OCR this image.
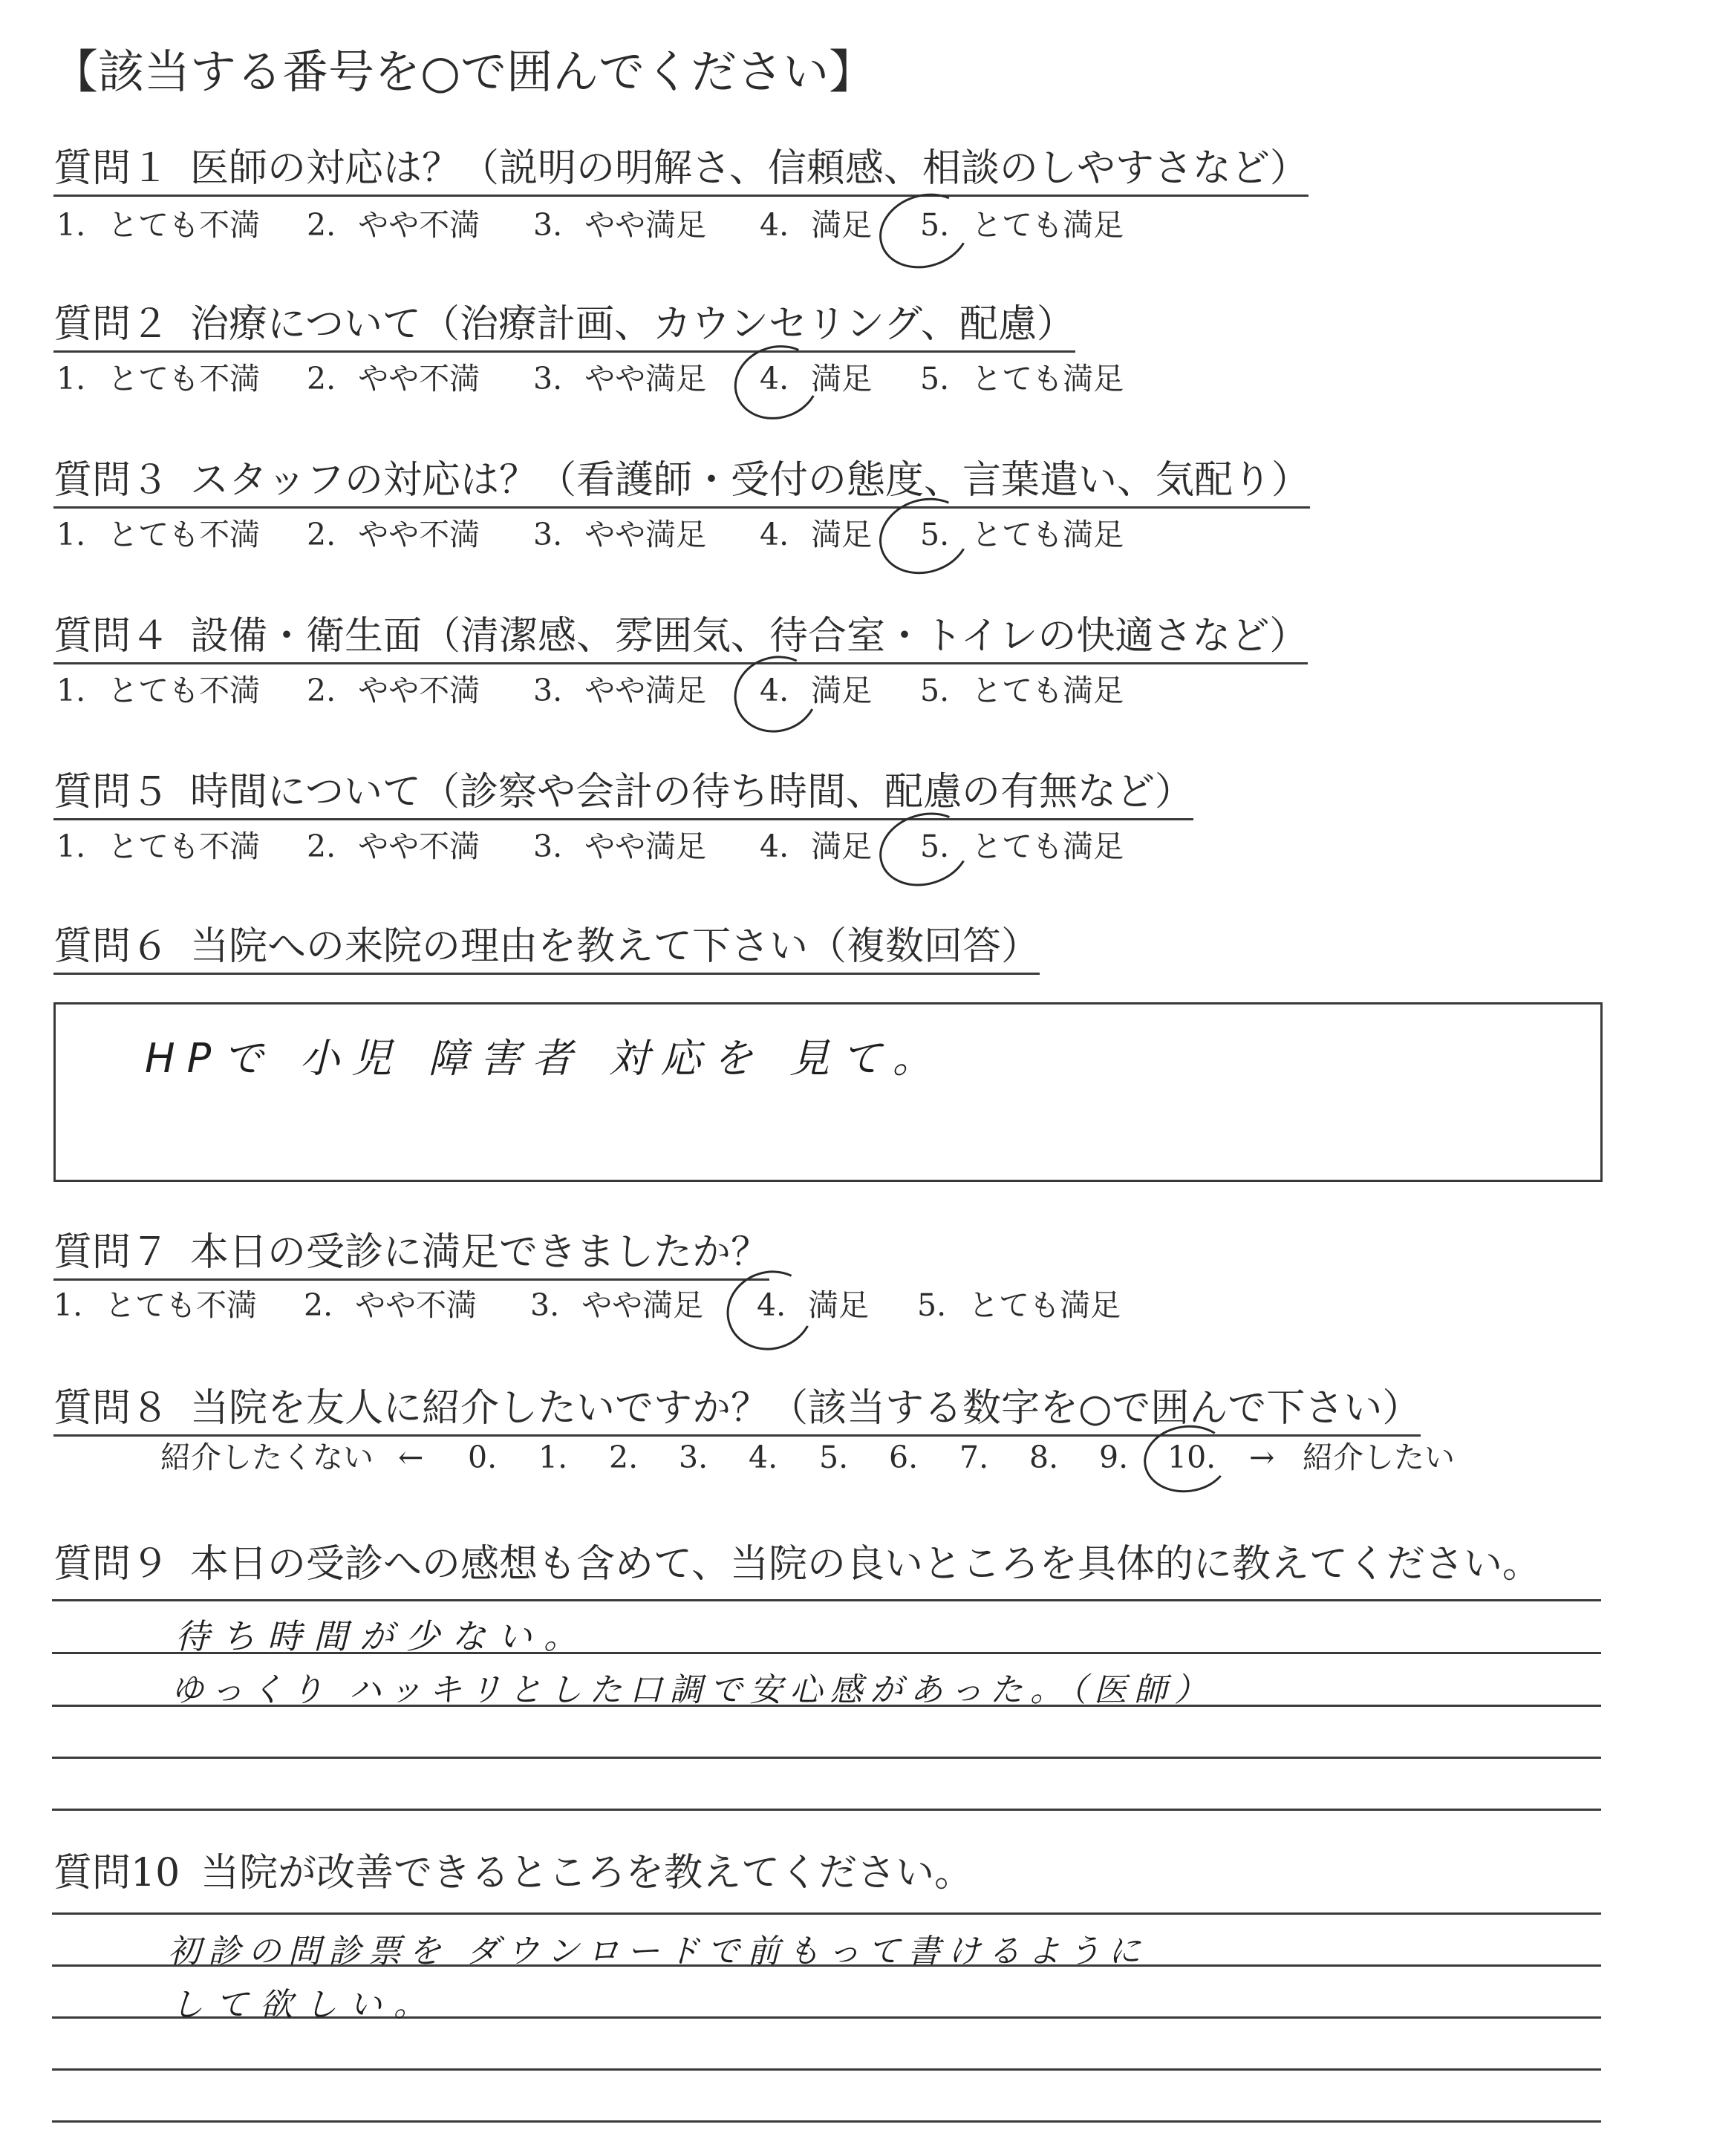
【該当する番号を○で囲んでください】
質問１ 医師の対応は？（説明の明解さ、信頼感、相談のしやすさなど）
1. とても不満 2. やや不満 3. やや満足 4. 満足 5. とても満足
質問２ 治療について（治療計画、カウンセリング、配慮）
1. とても不満 2. やや不満 3. やや満足 4. 満足 5. とても満足
質問３ スタッフの対応は？（看護師・受付の態度、言葉遣い、気配り）
1. とても不満 2. やや不満 3. やや満足 4. 満足 5. とても満足
質問４ 設備・衛生面（清潔感、雰囲気、待合室・トイレの快適さなど）
1. とても不満 2. やや不満 3. やや満足 4. 満足 5. とても満足
質問５ 時間について（診察や会計の待ち時間、配慮の有無など）
1. とても不満 2. やや不満 3. やや満足 4. 満足 5. とても満足
質問６ 当院への来院の理由を教えて下さい（複数回答）
HPで 小児 障害者 対応を 見て。
質問７ 本日の受診に満足できましたか？
1. とても不満 2. やや不満 3. やや満足 4. 満足 5. とても満足
質問８ 当院を友人に紹介したいですか？（該当する数字を○で囲んで下さい）
紹介したくない ← 0. 1. 2. 3. 4. 5. 6. 7. 8. 9. 10. → 紹介したい
質問９ 本日の受診への感想も含めて、当院の良いところを具体的に教えてください。
待ち時間が少ない。
ゆっくり ハッキリとした口調で安心感があった。（医師）
質問10 当院が改善できるところを教えてください。
初診の問診票を ダウンロードで前もって書けるように
して欲しい。
